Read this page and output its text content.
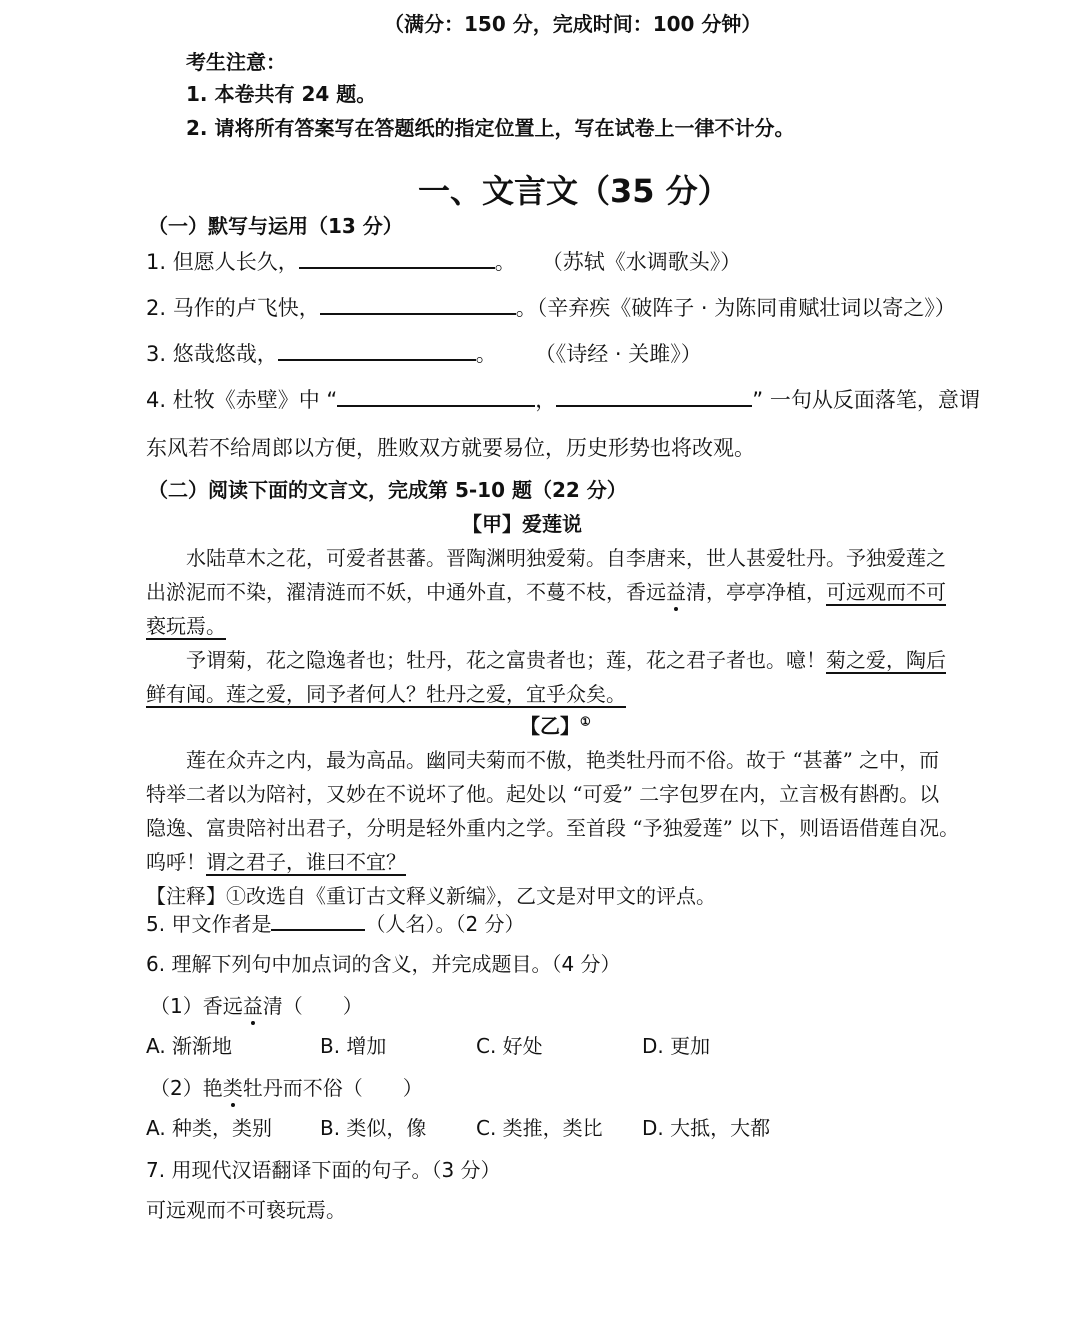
（满分：150 分，完成时间：100 分钟）
考生注意：
1. 本卷共有 24 题。
2. 请将所有答案写在答题纸的指定位置上，写在试卷上一律不计分。
一、文言文（35 分）
（一）默写与运用（13 分）
1. 但愿人长久，	。 （苏轼《水调歌头》）
2. 马作的卢飞快，	。（辛弃疾《破阵子 · 为陈同甫赋壮词以寄之》）
3. 悠哉悠哉，	。 （《诗经 · 关雎》）
4. 杜牧《赤壁》中 “	，	” 一句从反面落笔，意谓
东风若不给周郎以方便，胜败双方就要易位，历史形势也将改观。
（二）阅读下面的文言文，完成第 5-10 题（22 分）
【甲】爱莲说
水陆草木之花，可爱者甚蕃。晋陶渊明独爱菊。自李唐来，世人甚爱牡丹。予独爱莲之
出淤泥而不染，濯清涟而不妖，中通外直，不蔓不枝，香远益清，亭亭净植，可远观而不可
亵玩焉。
予谓菊，花之隐逸者也；牡丹，花之富贵者也；莲，花之君子者也。噫！菊之爱，陶后
鲜有闻。莲之爱，同予者何人？牡丹之爱，宜乎众矣。
【乙】①
莲在众卉之内，最为高品。幽同夫菊而不傲，艳类牡丹而不俗。故于 “甚蕃” 之中，而
特举二者以为陪衬，又妙在不说坏了他。起处以 “可爱” 二字包罗在内，立言极有斟酌。以
隐逸、富贵陪衬出君子，分明是轻外重内之学。至首段 “予独爱莲” 以下，则语语借莲自况。
呜呼！谓之君子，谁曰不宜？
【注释】①改选自《重订古文释义新编》，乙文是对甲文的评点。
5. 甲文作者是	（人名）。（2 分）
6. 理解下列句中加点词的含义，并完成题目。（4 分）
（1）香远益清（　　）
A. 渐渐地	B. 增加	C. 好处	D. 更加
（2）艳类牡丹而不俗（　　）
A. 种类，类别 B. 类似，像 C. 类推，类比 D. 大抵，大都
7. 用现代汉语翻译下面的句子。（3 分）
可远观而不可亵玩焉。
